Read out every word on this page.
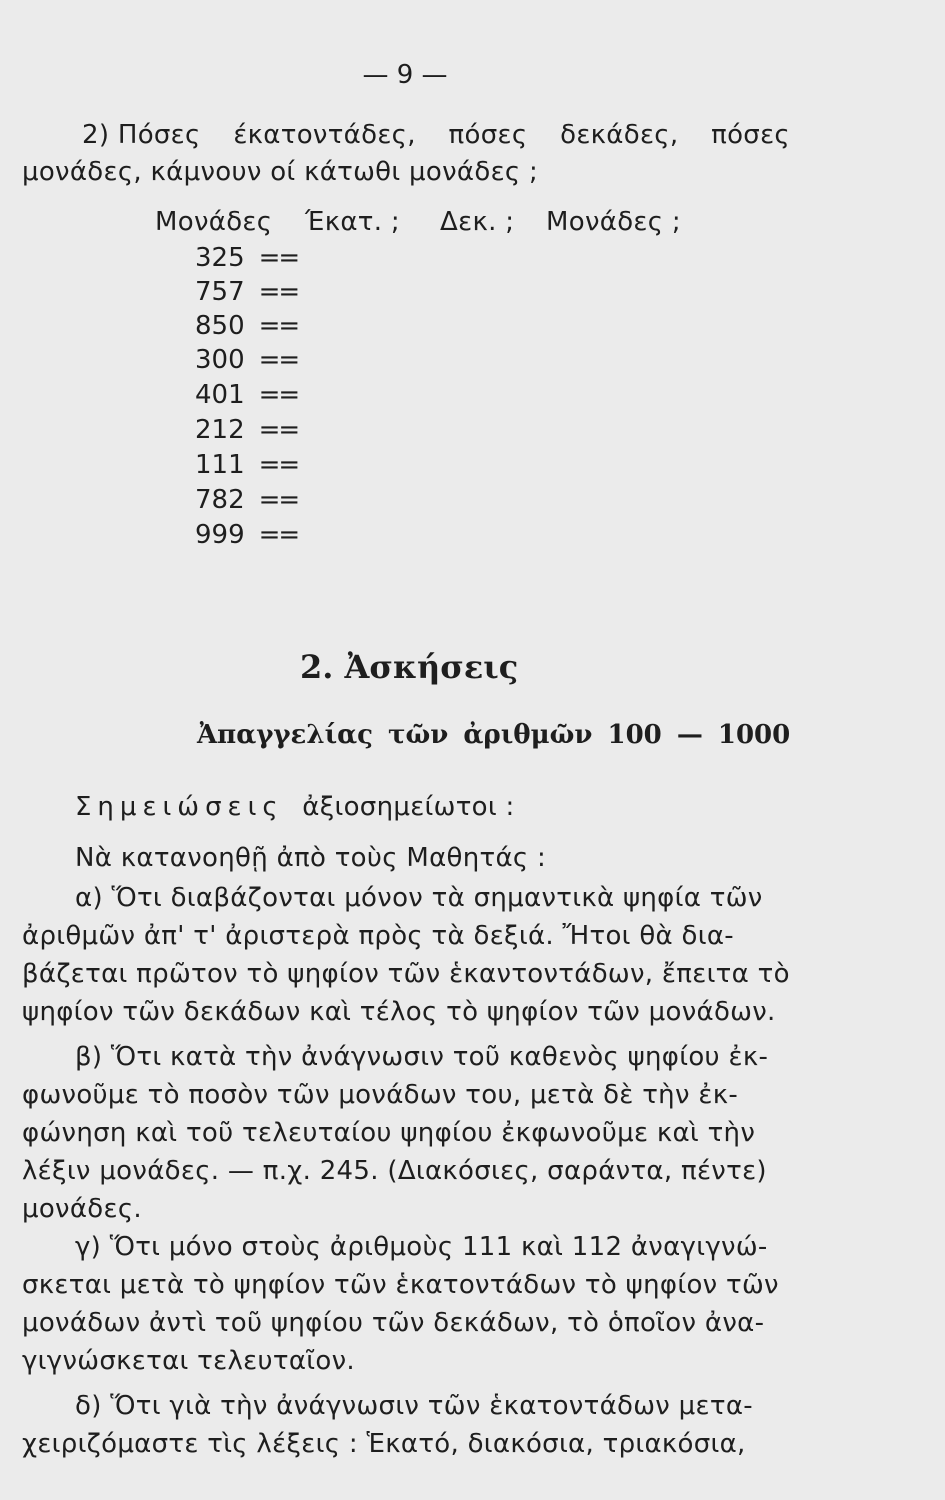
— 9 —
2) Πόσες έκατοντάδες, πόσες δεκάδες, πόσες
μονάδες, κάμνουν οί κάτωθι μονάδες ;
Μονάδες Έκατ. ; Δεκ. ; Μονάδες ;
325 ==
757 ==
850 ==
300 ==
401 ==
212 ==
111 ==
782 ==
999 ==
2. Ἀσκήσεις
Ἀπαγγελίας τῶν ἀριθμῶν 100 — 1000
Σημειώσεις ἀξιοσημείωτοι :
Νὰ κατανοηθῇ ἀπὸ τοὺς Μαθητάς :
α) Ὅτι διαβάζονται μόνον τὰ σημαντικὰ ψηφία τῶν
ἀριθμῶν ἀπ' τ' ἀριστερὰ πρὸς τὰ δεξιά. Ἤτοι θὰ δια-
βάζεται πρῶτον τὸ ψηφίον τῶν ἑκαντοντάδων, ἔπειτα τὸ
ψηφίον τῶν δεκάδων καὶ τέλος τὸ ψηφίον τῶν μονάδων.
β) Ὅτι κατὰ τὴν ἀνάγνωσιν τοῦ καθενὸς ψηφίου ἐκ-
φωνοῦμε τὸ ποσὸν τῶν μονάδων του, μετὰ δὲ τὴν ἐκ-
φώνηση καὶ τοῦ τελευταίου ψηφίου ἐκφωνοῦμε καὶ τὴν
λέξιν μονάδες. — π.χ. 245. (Διακόσιες, σαράντα, πέντε)
μονάδες.
γ) Ὅτι μόνο στοὺς ἀριθμοὺς 111 καὶ 112 ἀναγιγνώ-
σκεται μετὰ τὸ ψηφίον τῶν ἑκατοντάδων τὸ ψηφίον τῶν
μονάδων ἀντὶ τοῦ ψηφίου τῶν δεκάδων, τὸ ὁποῖον ἀνα-
γιγνώσκεται τελευταῖον.
δ) Ὅτι γιὰ τὴν ἀνάγνωσιν τῶν ἑκατοντάδων μετα-
χειριζόμαστε τὶς λέξεις : Ἑκατό, διακόσια, τριακόσια,
